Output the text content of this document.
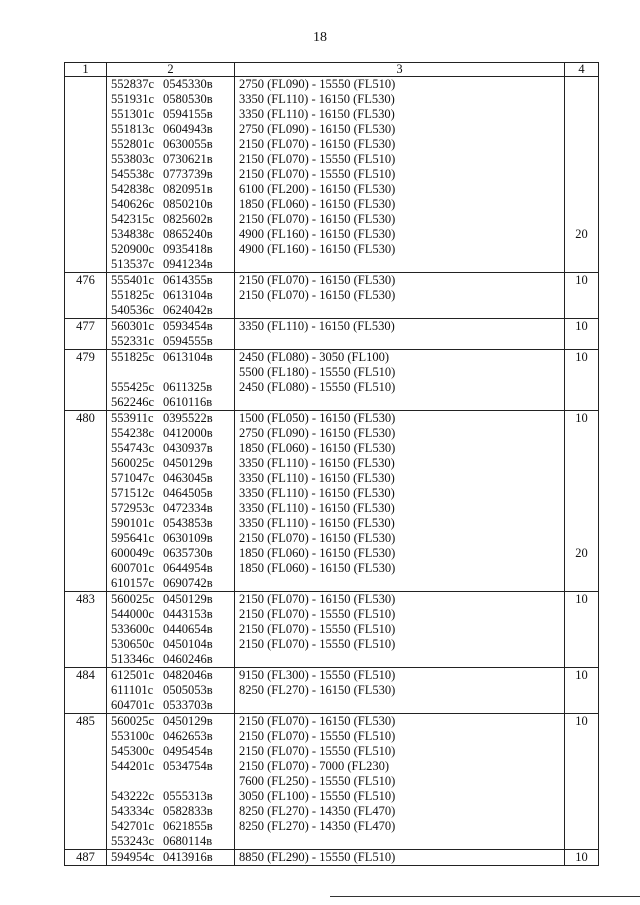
18
1	2	3	4
	552837с 0545330в	2750 (FL090) - 15550 (FL510)	
	551931с 0580530в	3350 (FL110) - 16150 (FL530)	
	551301с 0594155в	3350 (FL110) - 16150 (FL530)	
	551813с 0604943в	2750 (FL090) - 16150 (FL530)	
	552801с 0630055в	2150 (FL070) - 16150 (FL530)	
	553803с 0730621в	2150 (FL070) - 15550 (FL510)	
	545538с 0773739в	2150 (FL070) - 15550 (FL510)	
	542838с 0820951в	6100 (FL200) - 16150 (FL530)	
	540626с 0850210в	1850 (FL060) - 16150 (FL530)	
	542315с 0825602в	2150 (FL070) - 16150 (FL530)	
	534838с 0865240в	4900 (FL160) - 16150 (FL530)	20
	520900с 0935418в	4900 (FL160) - 16150 (FL530)	
	513537с 0941234в		
476	555401с 0614355в	2150 (FL070) - 16150 (FL530)	10
	551825с 0613104в	2150 (FL070) - 16150 (FL530)	
	540536с 0624042в		
477	560301с 0593454в	3350 (FL110) - 16150 (FL530)	10
	552331с 0594555в		
479	551825с 0613104в	2450 (FL080) - 3050 (FL100)	10
		5500 (FL180) - 15550 (FL510)	
	555425с 0611325в	2450 (FL080) - 15550 (FL510)	
	562246с 0610116в		
480	553911с 0395522в	1500 (FL050) - 16150 (FL530)	10
	554238с 0412000в	2750 (FL090) - 16150 (FL530)	
	554743с 0430937в	1850 (FL060) - 16150 (FL530)	
	560025с 0450129в	3350 (FL110) - 16150 (FL530)	
	571047с 0463045в	3350 (FL110) - 16150 (FL530)	
	571512с 0464505в	3350 (FL110) - 16150 (FL530)	
	572953с 0472334в	3350 (FL110) - 16150 (FL530)	
	590101с 0543853в	3350 (FL110) - 16150 (FL530)	
	595641с 0630109в	2150 (FL070) - 16150 (FL530)	
	600049с 0635730в	1850 (FL060) - 16150 (FL530)	20
	600701с 0644954в	1850 (FL060) - 16150 (FL530)	
	610157с 0690742в		
483	560025с 0450129в	2150 (FL070) - 16150 (FL530)	10
	544000с 0443153в	2150 (FL070) - 15550 (FL510)	
	533600с 0440654в	2150 (FL070) - 15550 (FL510)	
	530650с 0450104в	2150 (FL070) - 15550 (FL510)	
	513346с 0460246в		
484	612501с 0482046в	9150 (FL300) - 15550 (FL510)	10
	611101с 0505053в	8250 (FL270) - 16150 (FL530)	
	604701с 0533703в		
485	560025с 0450129в	2150 (FL070) - 16150 (FL530)	10
	553100с 0462653в	2150 (FL070) - 15550 (FL510)	
	545300с 0495454в	2150 (FL070) - 15550 (FL510)	
	544201с 0534754в	2150 (FL070) - 7000 (FL230)	
		7600 (FL250) - 15550 (FL510)	
	543222с 0555313в	3050 (FL100) - 15550 (FL510)	
	543334с 0582833в	8250 (FL270) - 14350 (FL470)	
	542701с 0621855в	8250 (FL270) - 14350 (FL470)	
	553243с 0680114в		
487	594954с 0413916в	8850 (FL290) - 15550 (FL510)	10
